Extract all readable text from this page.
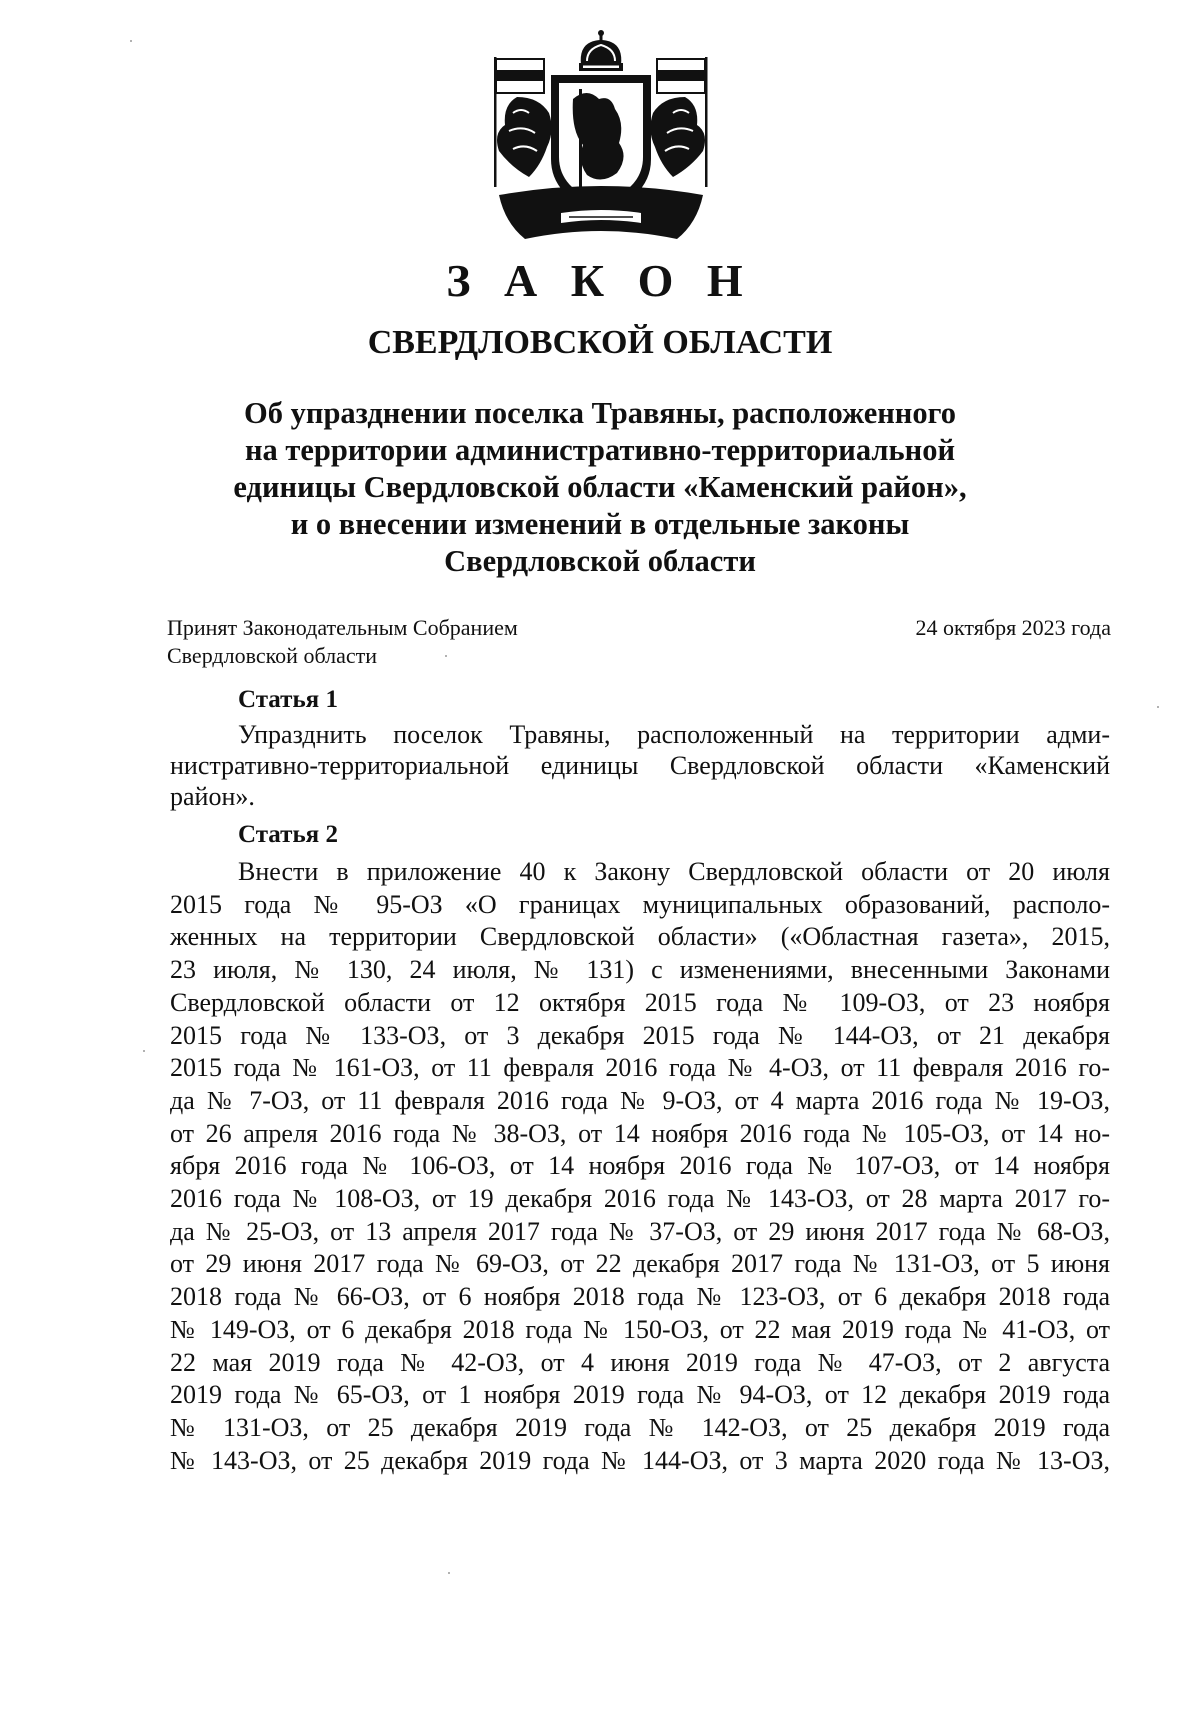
З А К О Н
СВЕРДЛОВСКОЙ ОБЛАСТИ
Об упразднении поселка Травяны, расположенного
на территории административно-территориальной
единицы Свердловской области «Каменский район»,
и о внесении изменений в отдельные законы
Свердловской области
Принят Законодательным Собранием
Свердловской области
24 октября 2023 года
Статья 1
Упразднить поселок Травяны, расположенный на территории адми-
нистративно-территориальной единицы Свердловской области «Каменский
район».
Статья 2
Внести в приложение 40 к Закону Свердловской области от 20 июля
2015 года № 95-ОЗ «О границах муниципальных образований, располо-
женных на территории Свердловской области» («Областная газета», 2015,
23 июля, № 130, 24 июля, № 131) с изменениями, внесенными Законами
Свердловской области от 12 октября 2015 года № 109-ОЗ, от 23 ноября
2015 года № 133-ОЗ, от 3 декабря 2015 года № 144-ОЗ, от 21 декабря
2015 года № 161-ОЗ, от 11 февраля 2016 года № 4-ОЗ, от 11 февраля 2016 го-
да № 7-ОЗ, от 11 февраля 2016 года № 9-ОЗ, от 4 марта 2016 года № 19-ОЗ,
от 26 апреля 2016 года № 38-ОЗ, от 14 ноября 2016 года № 105-ОЗ, от 14 но-
ября 2016 года № 106-ОЗ, от 14 ноября 2016 года № 107-ОЗ, от 14 ноября
2016 года № 108-ОЗ, от 19 декабря 2016 года № 143-ОЗ, от 28 марта 2017 го-
да № 25-ОЗ, от 13 апреля 2017 года № 37-ОЗ, от 29 июня 2017 года № 68-ОЗ,
от 29 июня 2017 года № 69-ОЗ, от 22 декабря 2017 года № 131-ОЗ, от 5 июня
2018 года № 66-ОЗ, от 6 ноября 2018 года № 123-ОЗ, от 6 декабря 2018 года
№ 149-ОЗ, от 6 декабря 2018 года № 150-ОЗ, от 22 мая 2019 года № 41-ОЗ, от
22 мая 2019 года № 42-ОЗ, от 4 июня 2019 года № 47-ОЗ, от 2 августа
2019 года № 65-ОЗ, от 1 ноября 2019 года № 94-ОЗ, от 12 декабря 2019 года
№ 131-ОЗ, от 25 декабря 2019 года № 142-ОЗ, от 25 декабря 2019 года
№ 143-ОЗ, от 25 декабря 2019 года № 144-ОЗ, от 3 марта 2020 года № 13-ОЗ,
